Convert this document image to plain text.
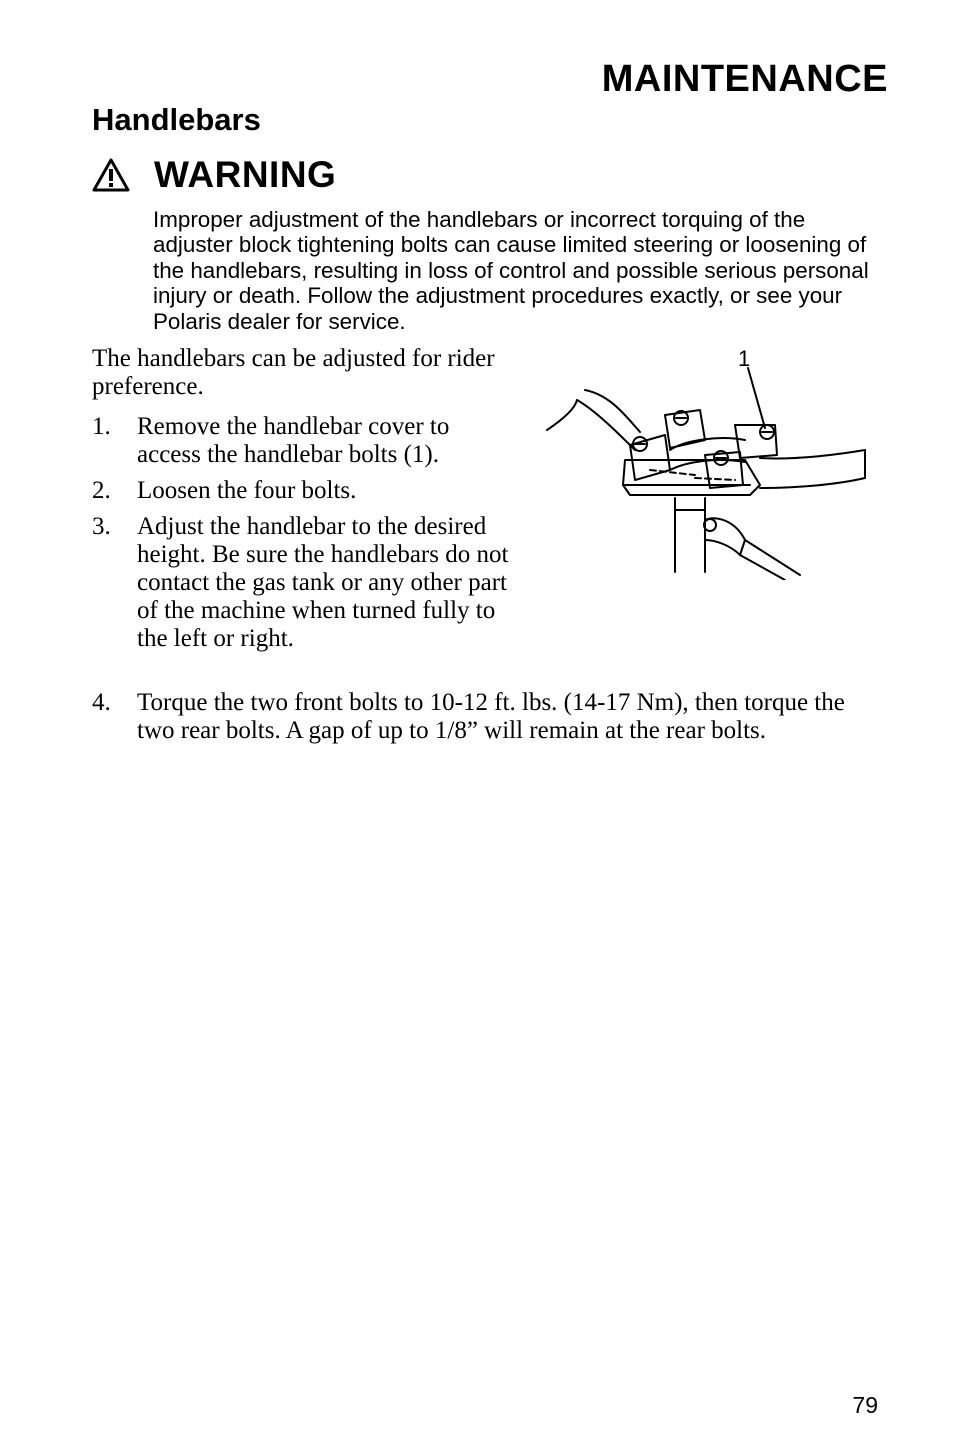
MAINTENANCE
Handlebars
WARNING
Improper adjustment of the handlebars or incorrect torquing of the adjuster block tightening bolts can cause limited steering or loosening of the handlebars, resulting in loss of control and possible serious personal injury or death. Follow the adjustment procedures exactly, or see your Polaris dealer for service.
The handlebars can be adjusted for rider preference.
1.	Remove the handlebar cover to access the handlebar bolts (1).
2.	Loosen the four bolts.
3.	Adjust the handlebar to the desired height. Be sure the handlebars do not contact the gas tank or any other part of the machine when turned fully to the left or right.
4.	Torque the two front bolts to 10-12 ft. lbs. (14-17 Nm), then torque the two rear bolts. A gap of up to 1/8” will remain at the rear bolts.
1
79
